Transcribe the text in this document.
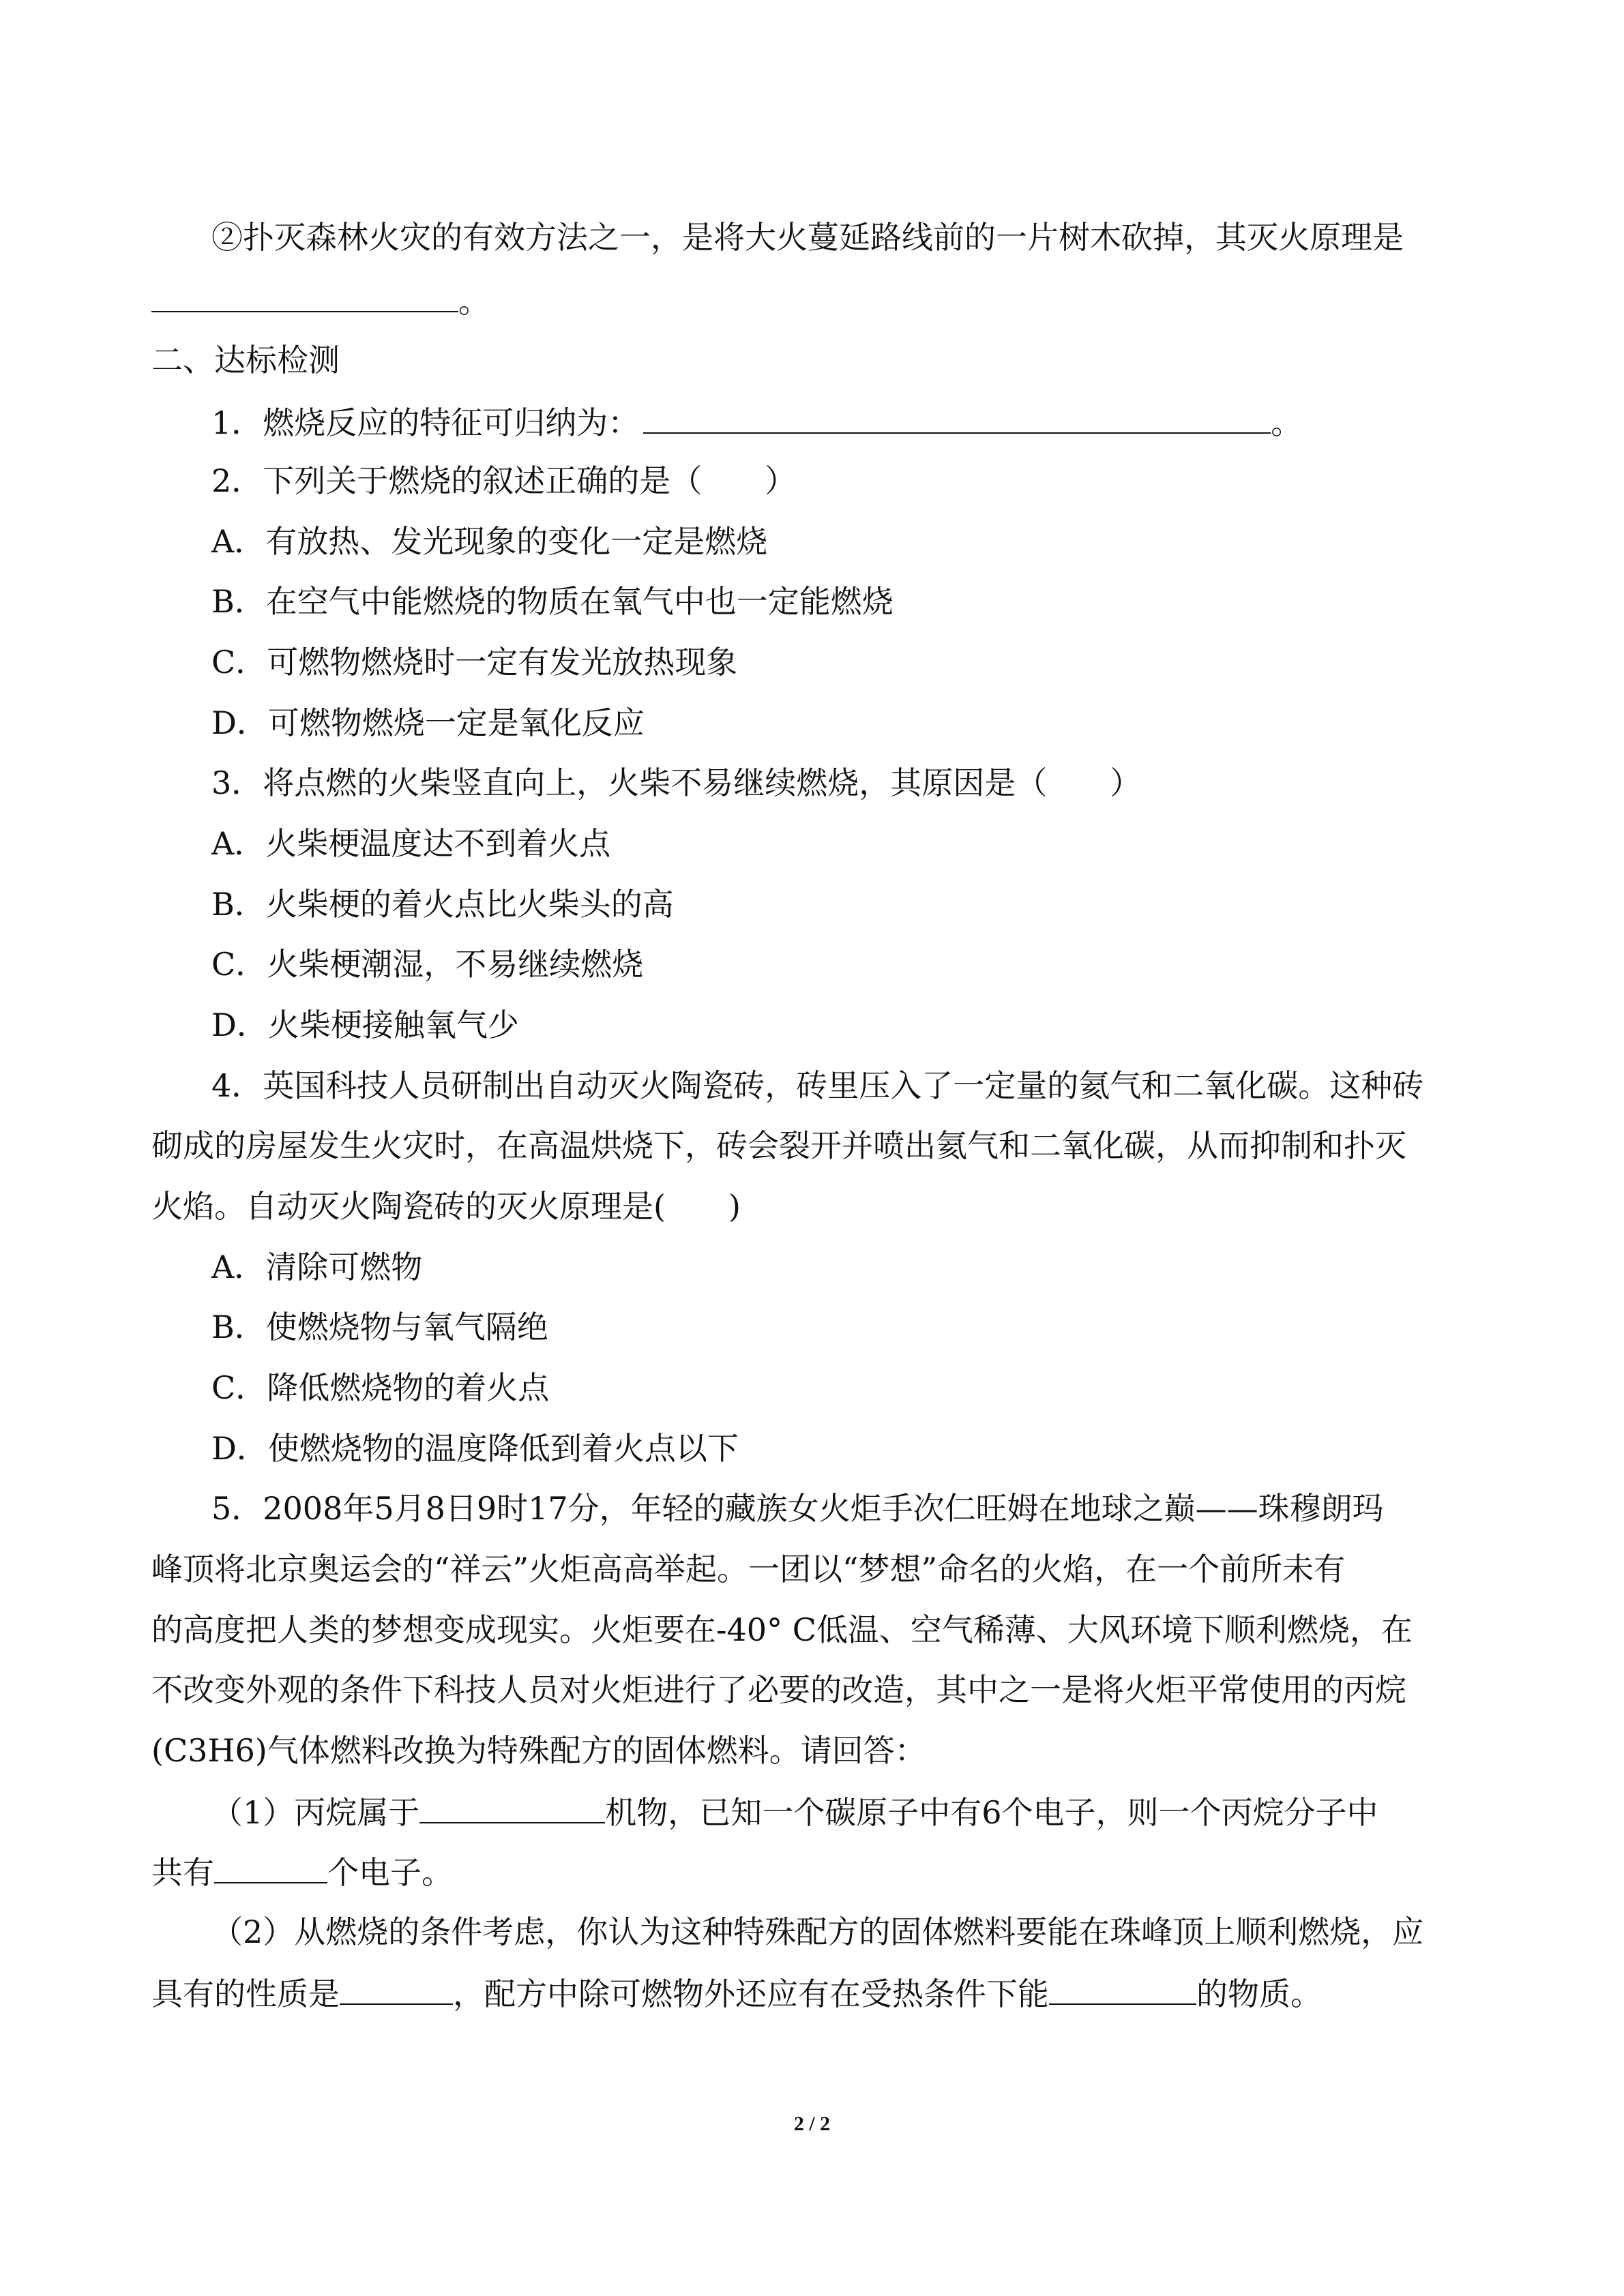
②扑灭森林火灾的有效方法之一，是将大火蔓延路线前的一片树木砍掉，其灭火原理是
。
二、达标检测
1．燃烧反应的特征可归纳为：	。
2．下列关于燃烧的叙述正确的是（　　）
A．有放热、发光现象的变化一定是燃烧
B．在空气中能燃烧的物质在氧气中也一定能燃烧
C．可燃物燃烧时一定有发光放热现象
D．可燃物燃烧一定是氧化反应
3．将点燃的火柴竖直向上，火柴不易继续燃烧，其原因是（　　）
A．火柴梗温度达不到着火点
B．火柴梗的着火点比火柴头的高
C．火柴梗潮湿，不易继续燃烧
D．火柴梗接触氧气少
4．英国科技人员研制出自动灭火陶瓷砖，砖里压入了一定量的氦气和二氧化碳。这种砖
砌成的房屋发生火灾时，在高温烘烧下，砖会裂开并喷出氦气和二氧化碳，从而抑制和扑灭
火焰。自动灭火陶瓷砖的灭火原理是(　　)
A．清除可燃物
B．使燃烧物与氧气隔绝
C．降低燃烧物的着火点
D．使燃烧物的温度降低到着火点以下
5．2008年5月8日9时17分，年轻的藏族女火炬手次仁旺姆在地球之巅——珠穆朗玛
峰顶将北京奥运会的“祥云”火炬高高举起。一团以“梦想”命名的火焰，在一个前所未有
的高度把人类的梦想变成现实。火炬要在-40° C低温、空气稀薄、大风环境下顺利燃烧，在
不改变外观的条件下科技人员对火炬进行了必要的改造，其中之一是将火炬平常使用的丙烷
(C3H6)气体燃料改换为特殊配方的固体燃料。请回答：
（1）丙烷属于	机物，已知一个碳原子中有6个电子，则一个丙烷分子中
共有	个电子。
（2）从燃烧的条件考虑，你认为这种特殊配方的固体燃料要能在珠峰顶上顺利燃烧，应
具有的性质是	，配方中除可燃物外还应有在受热条件下能	的物质。
2 / 2
